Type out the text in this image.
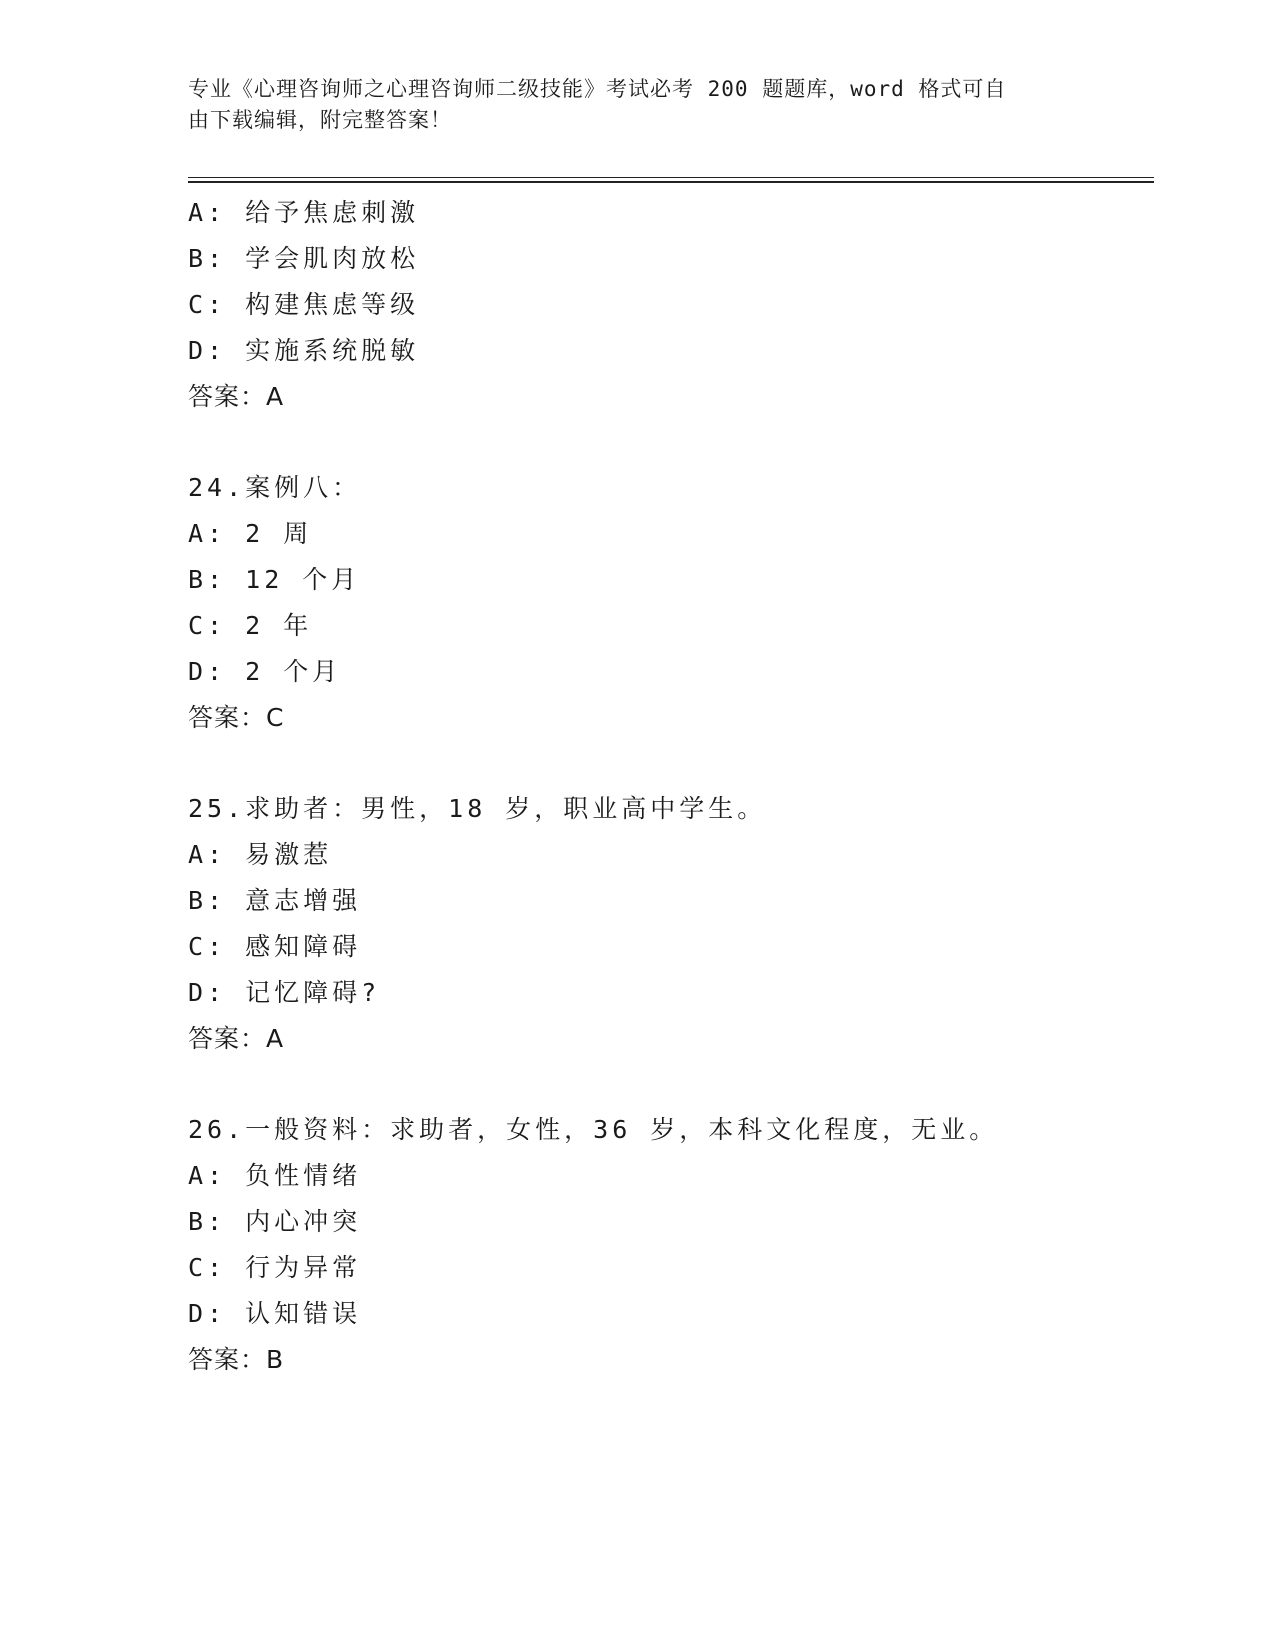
专业《心理咨询师之心理咨询师二级技能》考试必考 200 题题库，word 格式可自
由下载编辑，附完整答案！
A: 给予焦虑刺激
B: 学会肌肉放松
C: 构建焦虑等级
D: 实施系统脱敏
答案：A
24.案例八：
A: 2 周
B: 12 个月
C: 2 年
D: 2 个月
答案：C
25.求助者：男性，18 岁，职业高中学生。
A: 易激惹
B: 意志增强
C: 感知障碍
D: 记忆障碍?
答案：A
26.一般资料：求助者，女性，36 岁，本科文化程度，无业。
A: 负性情绪
B: 内心冲突
C: 行为异常
D: 认知错误
答案：B
